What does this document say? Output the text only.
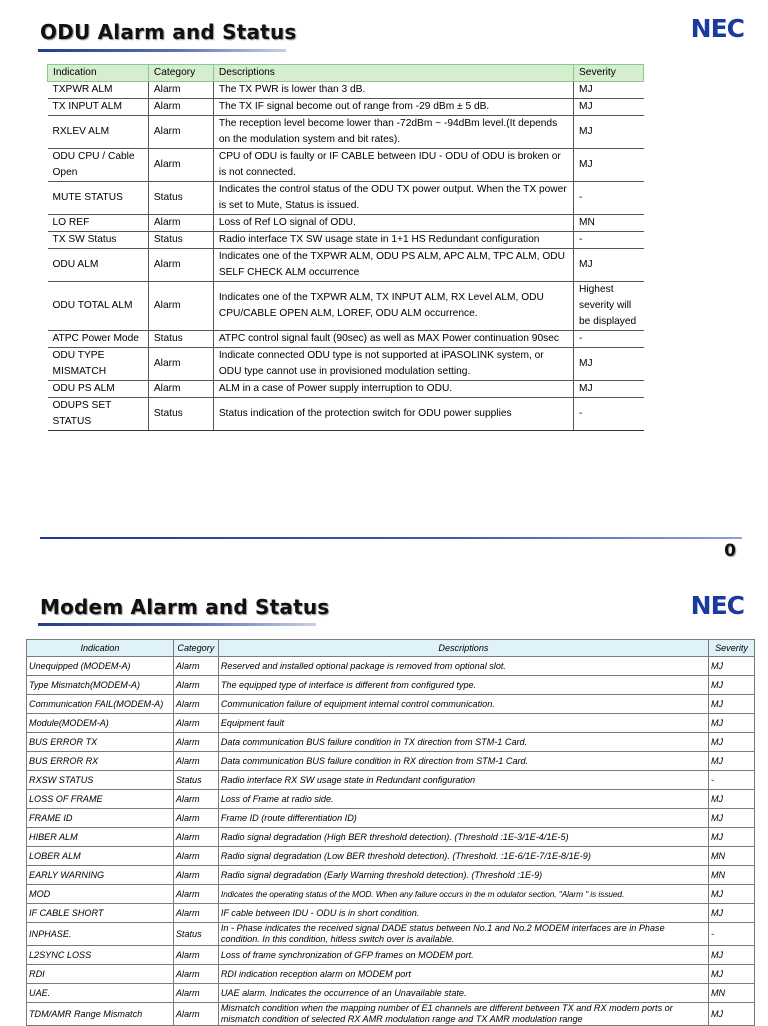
ODU Alarm and Status	NEC
Indication	Category	Descriptions	Severity
TXPWR ALM	Alarm	The TX PWR is lower than 3 dB.	MJ
TX INPUT ALM	Alarm	The TX IF signal become out of range from -29 dBm ± 5 dB.	MJ
RXLEV ALM	Alarm	The reception level become lower than -72dBm ~ -94dBm level.(It depends on the modulation system and bit rates).	MJ
ODU CPU / Cable Open	Alarm	CPU of ODU is faulty or IF CABLE between IDU - ODU of ODU is broken or is not connected.	MJ
MUTE STATUS	Status	Indicates the control status of the ODU TX power output. When the TX power is set to Mute, Status is issued.	-
LO REF	Alarm	Loss of Ref LO signal of ODU.	MN
TX SW Status	Status	Radio interface TX SW usage state in 1+1 HS Redundant configuration	-
ODU ALM	Alarm	Indicates one of the TXPWR ALM, ODU PS ALM, APC ALM, TPC ALM, ODU SELF CHECK ALM occurrence	MJ
ODU TOTAL ALM	Alarm	Indicates one of the TXPWR ALM, TX INPUT ALM, RX Level ALM, ODU CPU/CABLE OPEN ALM, LOREF, ODU ALM occurrence.	Highest severity will be displayed
ATPC Power Mode	Status	ATPC control signal fault (90sec) as well as MAX Power continuation 90sec	-
ODU TYPE MISMATCH	Alarm	Indicate connected ODU type is not supported at iPASOLINK system, or ODU type cannot use in provisioned modulation setting.	MJ
ODU PS ALM	Alarm	ALM in a case of Power supply interruption to ODU.	MJ
ODUPS SET STATUS	Status	Status indication of the protection switch for ODU power supplies	-
0
Modem Alarm and Status	NEC
Indication	Category	Descriptions	Severity
Unequipped (MODEM-A)	Alarm	Reserved and installed optional package is removed from optional slot.	MJ
Type Mismatch(MODEM-A)	Alarm	The equipped type of interface is different from configured type.	MJ
Communication FAIL(MODEM-A)	Alarm	Communication failure of equipment internal control communication.	MJ
Module(MODEM-A)	Alarm	Equipment fault	MJ
BUS ERROR TX	Alarm	Data communication BUS failure condition in TX direction from STM-1 Card.	MJ
BUS ERROR RX	Alarm	Data communication BUS failure condition in RX direction from STM-1 Card.	MJ
RXSW STATUS	Status	Radio interface RX SW usage state in Redundant configuration	-
LOSS OF FRAME	Alarm	Loss of Frame at radio side.	MJ
FRAME ID	Alarm	Frame ID (route differentiation ID)	MJ
HIBER ALM	Alarm	Radio signal degradation (High BER threshold detection). (Threshold :1E-3/1E-4/1E-5)	MJ
LOBER ALM	Alarm	Radio signal degradation (Low BER threshold detection). (Threshold. :1E-6/1E-7/1E-8/1E-9)	MN
EARLY WARNING	Alarm	Radio signal degradation (Early Warning threshold detection). (Threshold :1E-9)	MN
MOD	Alarm	Indicates the operating status of the MOD. When any failure occurs in the m odulator section, "Alarm " is issued.	MJ
IF CABLE SHORT	Alarm	IF cable between IDU - ODU is in short condition.	MJ
INPHASE.	Status	In - Phase indicates the received signal DADE status between No.1 and No.2 MODEM interfaces are in Phase condition. In this condition, hitless switch over is available.	-
L2SYNC LOSS	Alarm	Loss of frame synchronization of GFP frames on MODEM port.	MJ
RDI	Alarm	RDI indication reception alarm on MODEM port	MJ
UAE.	Alarm	UAE alarm. Indicates the occurrence of an Unavailable state.	MN
TDM/AMR Range Mismatch	Alarm	Mismatch condition when the mapping number of E1 channels are different between TX and RX modem ports or mismatch condition of selected RX AMR modulation range and TX AMR modulation range	MJ
